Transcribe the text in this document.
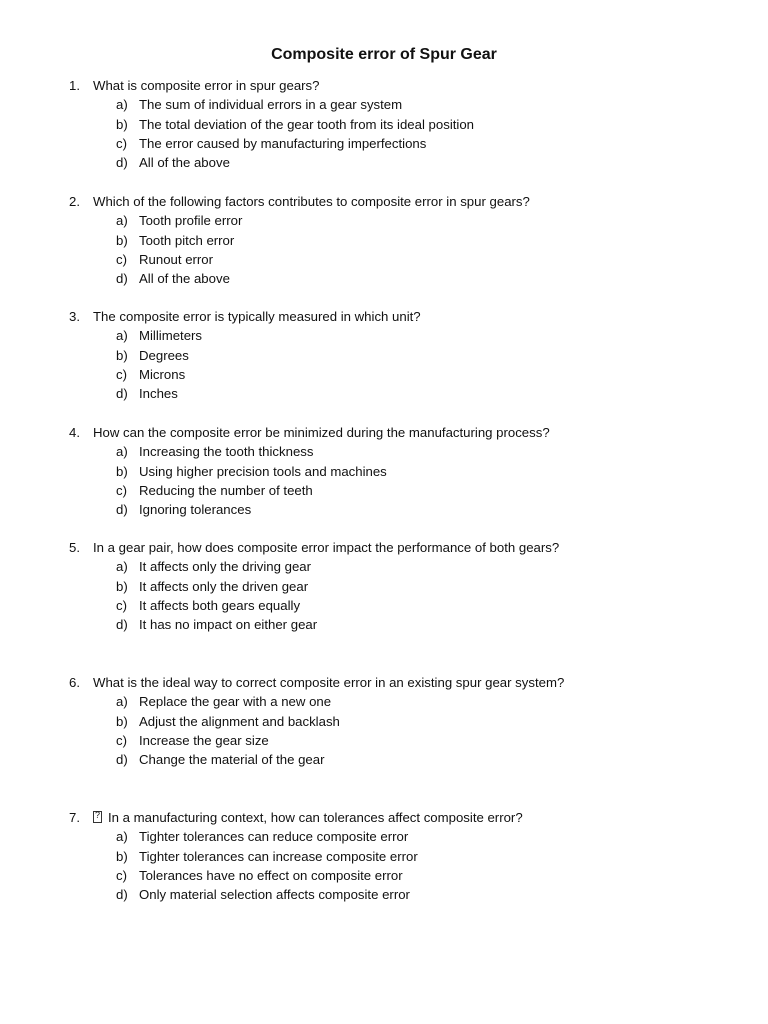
Composite error of Spur Gear
1. What is composite error in spur gears?
a) The sum of individual errors in a gear system
b) The total deviation of the gear tooth from its ideal position
c) The error caused by manufacturing imperfections
d) All of the above
2. Which of the following factors contributes to composite error in spur gears?
a) Tooth profile error
b) Tooth pitch error
c) Runout error
d) All of the above
3. The composite error is typically measured in which unit?
a) Millimeters
b) Degrees
c) Microns
d) Inches
4. How can the composite error be minimized during the manufacturing process?
a) Increasing the tooth thickness
b) Using higher precision tools and machines
c) Reducing the number of teeth
d) Ignoring tolerances
5. In a gear pair, how does composite error impact the performance of both gears?
a) It affects only the driving gear
b) It affects only the driven gear
c) It affects both gears equally
d) It has no impact on either gear
6. What is the ideal way to correct composite error in an existing spur gear system?
a) Replace the gear with a new one
b) Adjust the alignment and backlash
c) Increase the gear size
d) Change the material of the gear
7.
?	In a manufacturing context, how can tolerances affect composite error?
a) Tighter tolerances can reduce composite error
b) Tighter tolerances can increase composite error
c) Tolerances have no effect on composite error
d) Only material selection affects composite error
